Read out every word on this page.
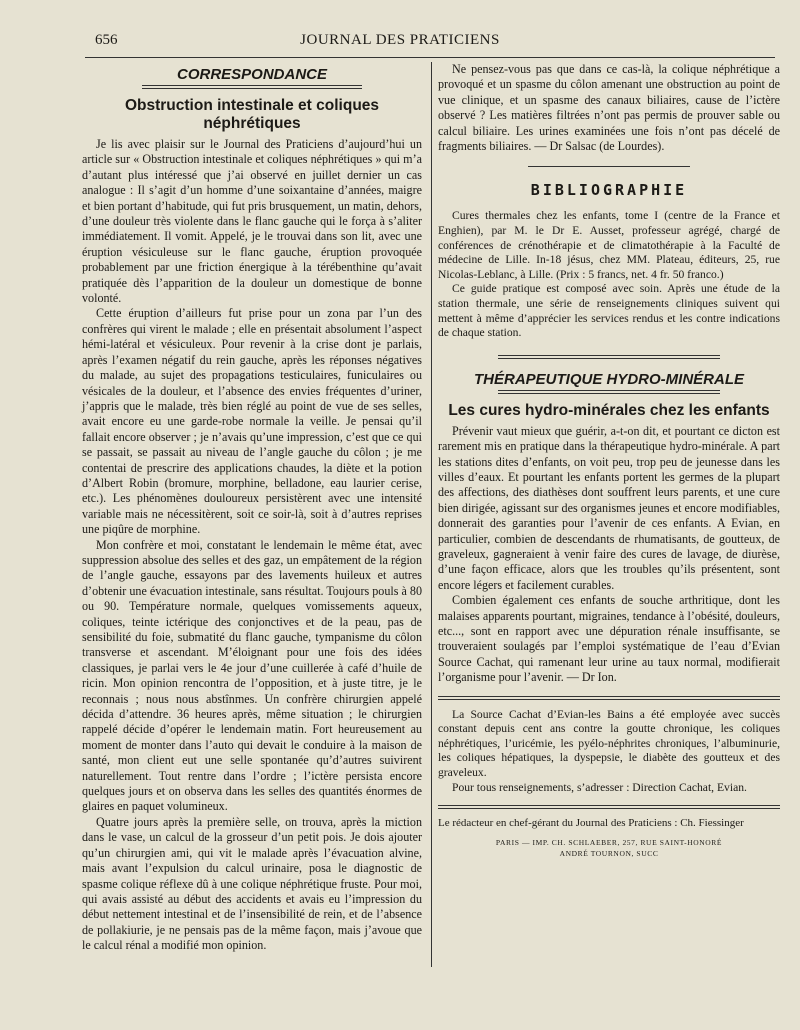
656	JOURNAL DES PRATICIENS
CORRESPONDANCE
Obstruction intestinale et coliques néphrétiques

Je lis avec plaisir sur le Journal des Praticiens d’aujourd’hui un article sur « Obstruction intestinale et coliques néphrétiques » qui m’a d’autant plus intéressé que j’ai observé en juillet dernier un cas analogue : Il s’agit d’un homme d’une soixantaine d’années, maigre et bien portant d’habitude, qui fut pris brusquement, un matin, dehors, d’une douleur très violente dans le flanc gauche qui le força à s’aliter immédiatement. Il vomit. Appelé, je le trouvai dans son lit, avec une éruption vésiculeuse sur le flanc gauche, éruption provoquée probablement par une friction énergique à la térébenthine qu’avait pratiquée dès l’apparition de la douleur un domestique de bonne volonté.

Cette éruption d’ailleurs fut prise pour un zona par l’un des confrères qui virent le malade ; elle en présentait absolument l’aspect hémi-latéral et vésiculeux. Pour revenir à la crise dont je parlais, après l’examen négatif du rein gauche, après les réponses négatives du malade, au sujet des propagations testiculaires, funiculaires ou vésicales de la douleur, et l’absence des envies fréquentes d’uriner, j’appris que le malade, très bien réglé au point de vue de ses selles, avait encore eu une garde-robe normale la veille. Je pensai qu’il fallait encore observer ; je n’avais qu’une impression, c’est que ce qui se passait, se passait au niveau de l’angle gauche du côlon ; je me contentai de prescrire des applications chaudes, la diète et la potion d’Albert Robin (bromure, morphine, belladone, eau laurier cerise, etc.). Les phénomènes douloureux persistèrent avec une intensité variable mais ne nécessitèrent, soit ce soir-là, soit à d’autres reprises une piqûre de morphine.

Mon confrère et moi, constatant le lendemain le même état, avec suppression absolue des selles et des gaz, un empâtement de la région de l’angle gauche, essayons par des lavements huileux et autres d’obtenir une évacuation intestinale, sans résultat. Toujours pouls à 80 ou 90. Température normale, quelques vomissements aqueux, coliques, teinte ictérique des conjonctives et de la peau, pas de sensibilité du foie, submatité du flanc gauche, tympanisme du côlon transverse et ascendant. M’éloignant pour une fois des idées classiques, je parlai vers le 4e jour d’une cuillerée à café d’huile de ricin. Mon opinion rencontra de l’opposition, et à juste titre, je le reconnais ; nous nous abstînmes. Un confrère chirurgien appelé décida d’attendre. 36 heures après, même situation ; le chirurgien rappelé décide d’opérer le lendemain matin. Fort heureusement au moment de monter dans l’auto qui devait le conduire à la maison de santé, mon client eut une selle spontanée qu’d’autres suivirent naturellement. Tout rentre dans l’ordre ; l’ictère persista encore quelques jours et on observa dans les selles des quantités énormes de glaires en paquet volumineux.

Quatre jours après la première selle, on trouva, après la miction dans le vase, un calcul de la grosseur d’un petit pois. Je dois ajouter qu’un chirurgien ami, qui vit le malade après l’évacuation alvine, mais avant l’expulsion du calcul urinaire, posa le diagnostic de spasme colique réflexe dû à une colique néphrétique fruste. Pour moi, qui avais assisté au début des accidents et avais eu l’impression du début nettement intestinal et de l’insensibilité de rein, et de l’absence de pollakiurie, je ne pensais pas de la même façon, mais j’avoue que le calcul rénal a modifié mon opinion.

Ne pensez-vous pas que dans ce cas-là, la colique néphrétique a provoqué et un spasme du côlon amenant une obstruction au point de vue clinique, et un spasme des canaux biliaires, cause de l’ictère observé ? Les matières filtrées n’ont pas permis de prouver sable ou calcul biliaire. Les urines examinées une fois n’ont pas décelé de fragments biliaires. — Dr Salsac (de Lourdes).

BIBLIOGRAPHIE

Cures thermales chez les enfants, tome I (centre de la France et Enghien), par M. le Dr E. Ausset, professeur agrégé, chargé de conférences de crénothérapie et de climatothérapie à la Faculté de médecine de Lille. In-18 jésus, chez MM. Plateau, éditeurs, 25, rue Nicolas-Leblanc, à Lille. (Prix : 5 francs, net. 4 fr. 50 franco.)

Ce guide pratique est composé avec soin. Après une étude de la station thermale, une série de renseignements cliniques suivent qui mettent à même d’apprécier les services rendus et les contre indications de chaque station.

THÉRAPEUTIQUE HYDRO-MINÉRALE
Les cures hydro-minérales chez les enfants

Prévenir vaut mieux que guérir, a-t-on dit, et pourtant ce dicton est rarement mis en pratique dans la thérapeutique hydro-minérale. A part les stations dites d’enfants, on voit peu, trop peu de jeunesse dans les villes d’eaux. Et pourtant les enfants portent les germes de la plupart des affections, des diathèses dont souffrent leurs parents, et une cure bien dirigée, agissant sur des organismes jeunes et encore modifiables, donnerait des garanties pour l’avenir de ces enfants. A Evian, en particulier, combien de descendants de rhumatisants, de goutteux, de graveleux, gagneraient à venir faire des cures de lavage, de diurèse, d’une façon efficace, alors que les troubles qu’ils présentent, sont encore légers et facilement curables.

Combien également ces enfants de souche arthritique, dont les malaises apparents pourtant, migraines, tendance à l’obésité, douleurs, etc..., sont en rapport avec une dépuration rénale insuffisante, se trouveraient soulagés par l’emploi systématique de l’eau d’Evian Source Cachat, qui ramenant leur urine au taux normal, modifierait l’organisme pour l’avenir. — Dr Ion.

La Source Cachat d’Evian-les Bains a été employée avec succès constant depuis cent ans contre la goutte chronique, les coliques néphrétiques, l’uricémie, les pyélo-néphrites chroniques, l’albuminurie, les coliques hépatiques, la dyspepsie, le diabète des goutteux et des graveleux.

Pour tous renseignements, s’adresser : Direction Cachat, Evian.

Le rédacteur en chef-gérant du Journal des Praticiens : Ch. Fiessinger
PARIS — IMP. CH. SCHLAEBER, 257, RUE SAINT-HONORÉ
ANDRÉ TOURNON, SUCC
